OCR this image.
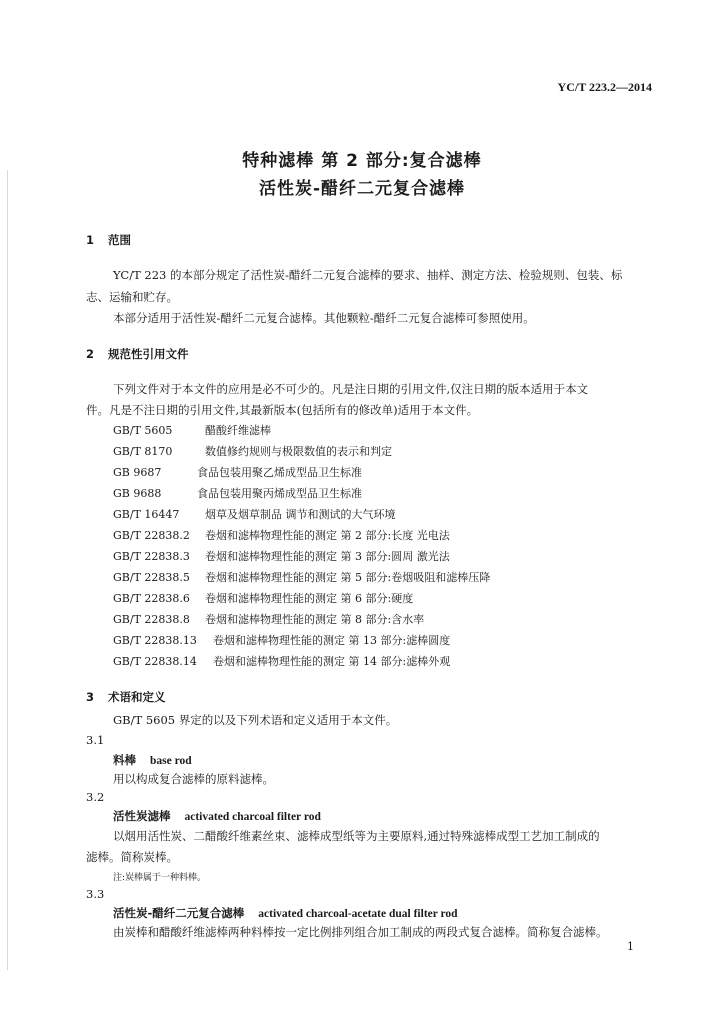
YC/T 223.2—2014
特种滤棒 第 2 部分:复合滤棒
活性炭-醋纤二元复合滤棒
1 范围
YC/T 223 的本部分规定了活性炭-醋纤二元复合滤棒的要求、抽样、测定方法、检验规则、包装、标
志、运输和贮存。
本部分适用于活性炭-醋纤二元复合滤棒。其他颗粒-醋纤二元复合滤棒可参照使用。
2 规范性引用文件
下列文件对于本文件的应用是必不可少的。凡是注日期的引用文件,仅注日期的版本适用于本文
件。凡是不注日期的引用文件,其最新版本(包括所有的修改单)适用于本文件。
GB/T 5605	醋酸纤维滤棒
GB/T 8170	数值修约规则与极限数值的表示和判定
GB 9687	食品包装用聚乙烯成型品卫生标准
GB 9688	食品包装用聚丙烯成型品卫生标准
GB/T 16447 烟草及烟草制品 调节和测试的大气环境
GB/T 22838.2 卷烟和滤棒物理性能的测定 第 2 部分:长度 光电法
GB/T 22838.3 卷烟和滤棒物理性能的测定 第 3 部分:圆周 激光法
GB/T 22838.5 卷烟和滤棒物理性能的测定 第 5 部分:卷烟吸阻和滤棒压降
GB/T 22838.6 卷烟和滤棒物理性能的测定 第 6 部分:硬度
GB/T 22838.8 卷烟和滤棒物理性能的测定 第 8 部分:含水率
GB/T 22838.13 卷烟和滤棒物理性能的测定 第 13 部分:滤棒圆度
GB/T 22838.14 卷烟和滤棒物理性能的测定 第 14 部分:滤棒外观
3 术语和定义
GB/T 5605 界定的以及下列术语和定义适用于本文件。
3.1
料棒 base rod
用以构成复合滤棒的原料滤棒。
3.2
活性炭滤棒 activated charcoal filter rod
以烟用活性炭、二醋酸纤维素丝束、滤棒成型纸等为主要原料,通过特殊滤棒成型工艺加工制成的
滤棒。简称炭棒。
注:炭棒属于一种料棒。
3.3
活性炭-醋纤二元复合滤棒 activated charcoal-acetate dual filter rod
由炭棒和醋酸纤维滤棒两种料棒按一定比例排列组合加工制成的两段式复合滤棒。简称复合滤棒。
1
